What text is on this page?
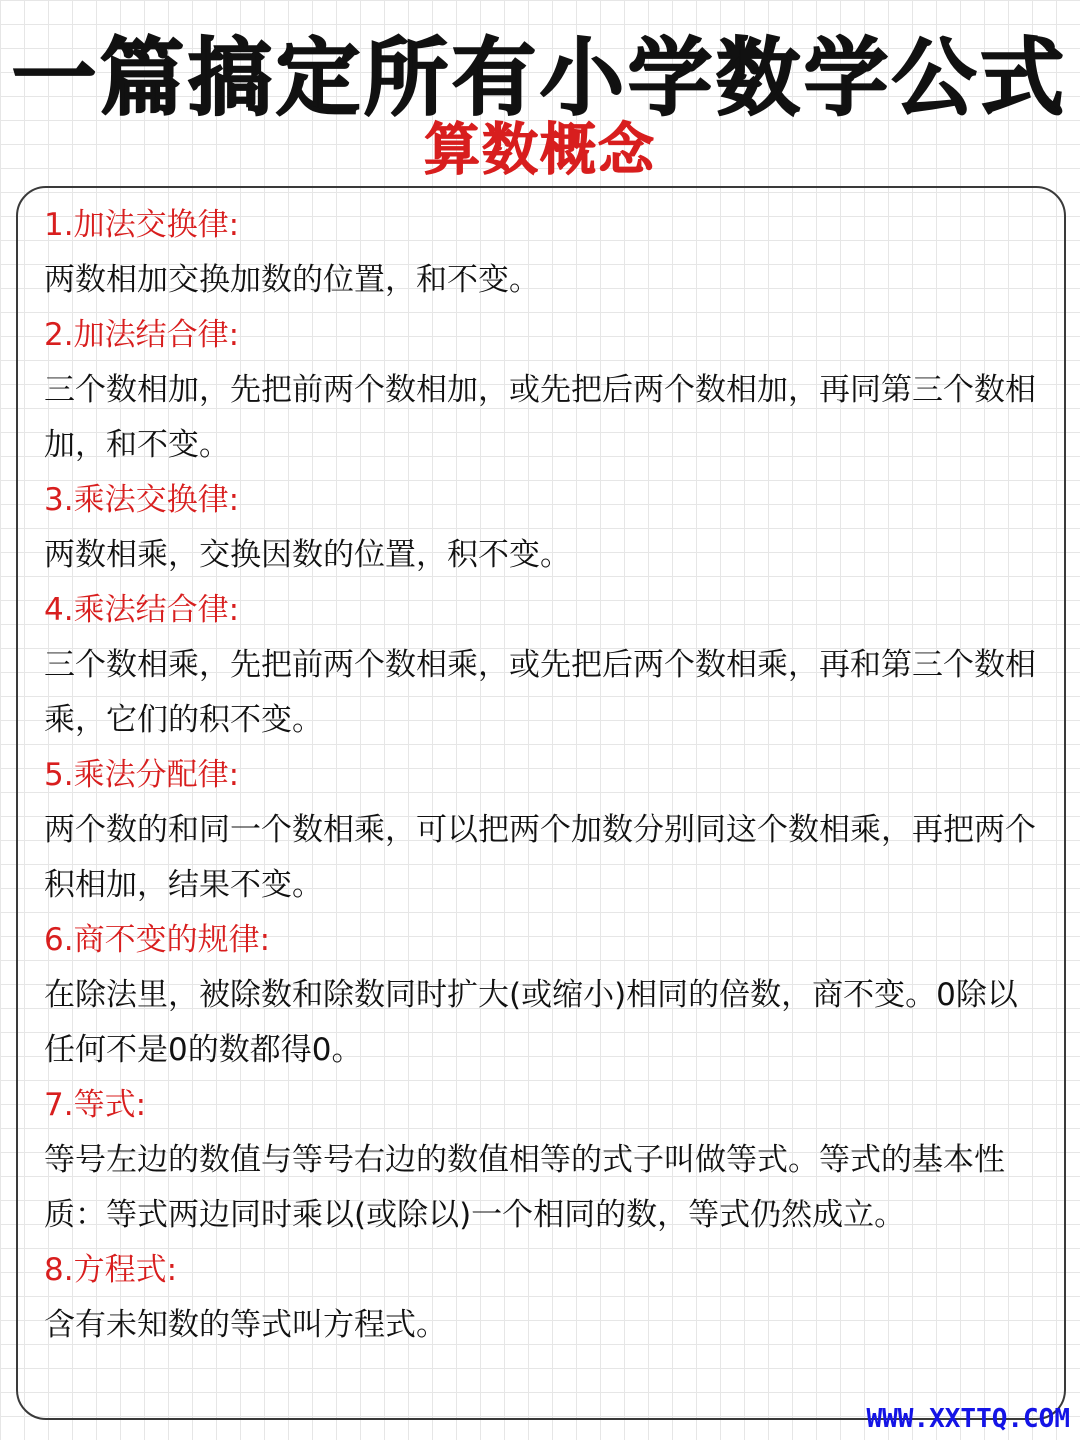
一篇搞定所有小学数学公式
算数概念

1.加法交换律:

两数相加交换加数的位置，和不变。

2.加法结合律:

三个数相加，先把前两个数相加，或先把后两个数相加，再同第三个数相加，和不变。

3.乘法交换律:

两数相乘，交换因数的位置，积不变。

4.乘法结合律:

三个数相乘，先把前两个数相乘，或先把后两个数相乘，再和第三个数相乘，它们的积不变。

5.乘法分配律:

两个数的和同一个数相乘，可以把两个加数分别同这个数相乘，再把两个积相加，结果不变。

6.商不变的规律:

在除法里，被除数和除数同时扩大(或缩小)相同的倍数，商不变。0除以任何不是0的数都得0。

7.等式:

等号左边的数值与等号右边的数值相等的式子叫做等式。等式的基本性质：等式两边同时乘以(或除以)一个相同的数，等式仍然成立。

8.方程式:

含有未知数的等式叫方程式。

WWW.XXTTQ.COM
